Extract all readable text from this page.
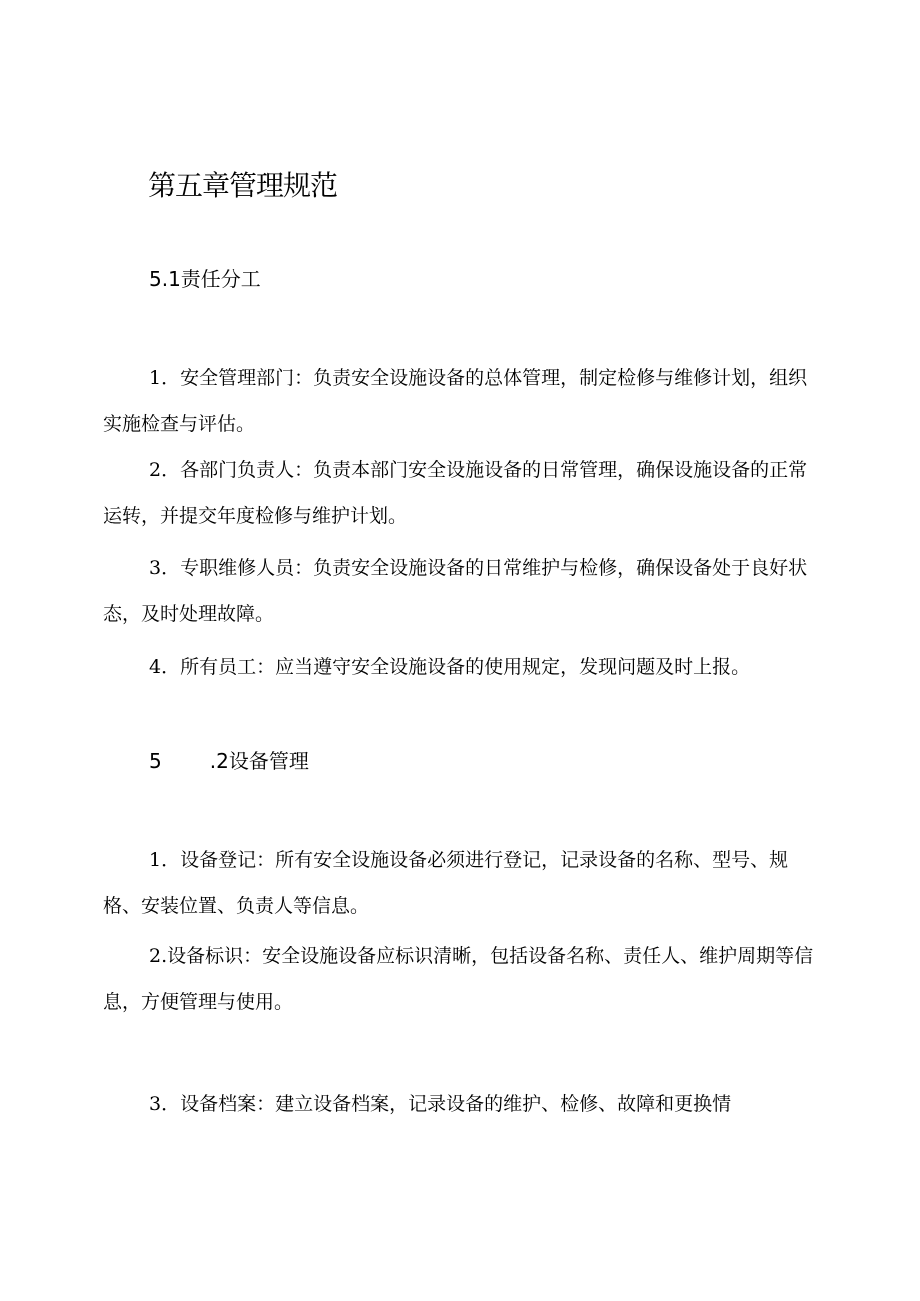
第五章管理规范
5.1责任分工
1．安全管理部门：负责安全设施设备的总体管理，制定检修与维修计划，组织实施检查与评估。
2．各部门负责人：负责本部门安全设施设备的日常管理，确保设施设备的正常运转，并提交年度检修与维护计划。
3．专职维修人员：负责安全设施设备的日常维护与检修，确保设备处于良好状态，及时处理故障。
4．所有员工：应当遵守安全设施设备的使用规定，发现问题及时上报。
5 .2设备管理
1．设备登记：所有安全设施设备必须进行登记，记录设备的名称、型号、规格、安装位置、负责人等信息。
2.设备标识：安全设施设备应标识清晰，包括设备名称、责任人、维护周期等信息，方便管理与使用。
3．设备档案：建立设备档案，记录设备的维护、检修、故障和更换情
